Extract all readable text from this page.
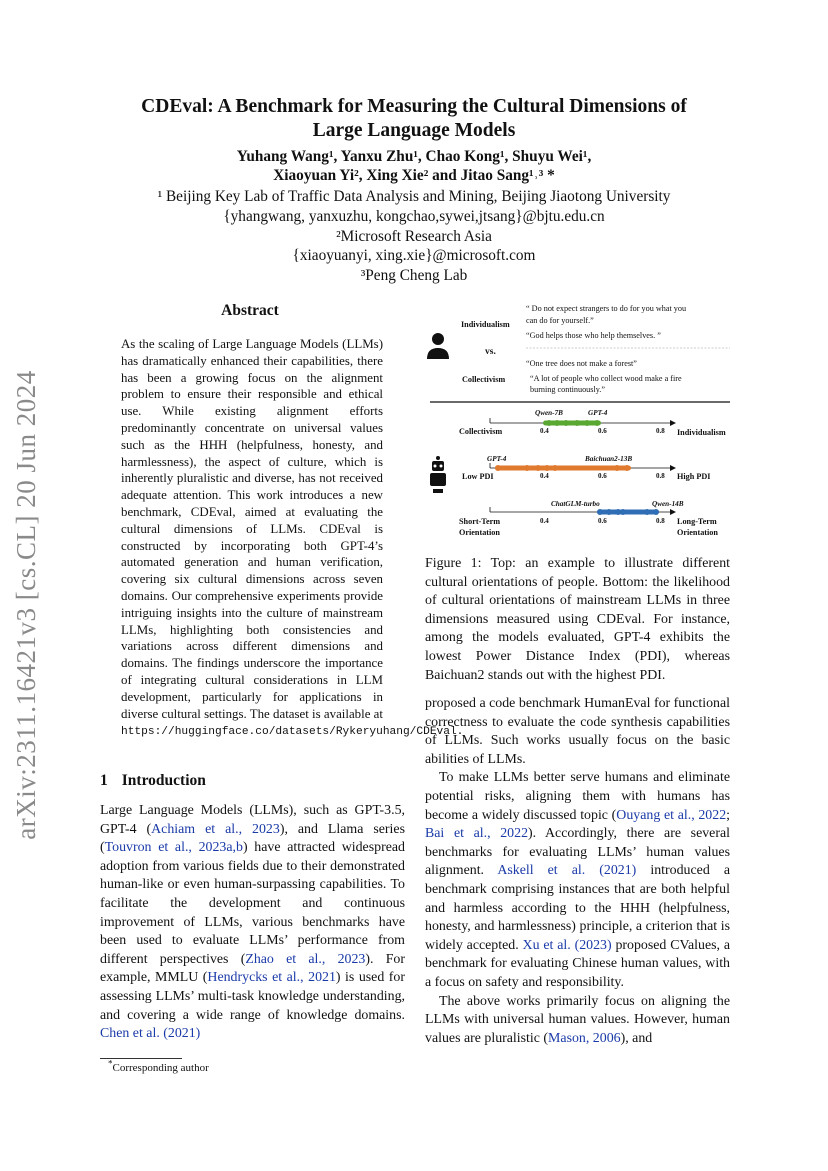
arXiv:2311.16421v3 [cs.CL] 20 Jun 2024
CDEval: A Benchmark for Measuring the Cultural Dimensions of
Large Language Models
Yuhang Wang¹, Yanxu Zhu¹, Chao Kong¹, Shuyu Wei¹,
Xiaoyuan Yi², Xing Xie² and Jitao Sang¹˒³ *
¹ Beijing Key Lab of Traffic Data Analysis and Mining, Beijing Jiaotong University
{yhangwang, yanxuzhu, kongchao,sywei,jtsang}@bjtu.edu.cn
²Microsoft Research Asia
{xiaoyuanyi, xing.xie}@microsoft.com
³Peng Cheng Lab
Abstract
As the scaling of Large Language Models (LLMs) has dramatically enhanced their capabilities, there has been a growing focus on the alignment problem to ensure their responsible and ethical use. While existing alignment efforts predominantly concentrate on universal values such as the HHH (helpfulness, honesty, and harmlessness), the aspect of culture, which is inherently pluralistic and diverse, has not received adequate attention. This work introduces a new benchmark, CDEval, aimed at evaluating the cultural dimensions of LLMs. CDEval is constructed by incorporating both GPT-4’s automated generation and human verification, covering six cultural dimensions across seven domains. Our comprehensive experiments provide intriguing insights into the culture of mainstream LLMs, highlighting both consistencies and variations across different dimensions and domains. The findings underscore the importance of integrating cultural considerations in LLM development, particularly for applications in diverse cultural settings. The dataset is available at https://huggingface.co/datasets/Rykeryuhang/CDEval.
1 Introduction

Large Language Models (LLMs), such as GPT-3.5, GPT-4 (Achiam et al., 2023), and Llama series (Touvron et al., 2023a,b) have attracted widespread adoption from various fields due to their demonstrated human-like or even human-surpassing capabilities. To facilitate the development and continuous improvement of LLMs, various benchmarks have been used to evaluate LLMs’ performance from different perspectives (Zhao et al., 2023). For example, MMLU (Hendrycks et al., 2021) is used for assessing LLMs’ multi-task knowledge understanding, and covering a wide range of knowledge domains. Chen et al. (2021)

*Corresponding author
Individualism
vs.
Collectivism
“ Do not expect strangers to do for you what you
can do for yourself.”
“God helps those who help themselves. ”
“One tree does not make a forest”
“A lot of people who collect wood make a fire
burning continuously.”
Collectivism	Individualism
0.4	0.6	0.8
Qwen-7B	GPT-4
Low PDI	High PDI
0.4	0.6	0.8
GPT-4	Baichuan2-13B
Short-Term
Orientation
Long-Term
Orientation
0.4	0.6	0.8
ChatGLM-turbo	Qwen-14B
Figure 1: Top: an example to illustrate different cultural orientations of people. Bottom: the likelihood of cultural orientations of mainstream LLMs in three dimensions measured using CDEval. For instance, among the models evaluated, GPT-4 exhibits the lowest Power Distance Index (PDI), whereas Baichuan2 stands out with the highest PDI.

proposed a code benchmark HumanEval for functional correctness to evaluate the code synthesis capabilities of LLMs. Such works usually focus on the basic abilities of LLMs.

To make LLMs better serve humans and eliminate potential risks, aligning them with humans has become a widely discussed topic (Ouyang et al., 2022; Bai et al., 2022). Accordingly, there are several benchmarks for evaluating LLMs’ human values alignment. Askell et al. (2021) introduced a benchmark comprising instances that are both helpful and harmless according to the HHH (helpfulness, honesty, and harmlessness) principle, a criterion that is widely accepted. Xu et al. (2023) proposed CValues, a benchmark for evaluating Chinese human values, with a focus on safety and responsibility.

The above works primarily focus on aligning the LLMs with universal human values. However, human values are pluralistic (Mason, 2006), and
